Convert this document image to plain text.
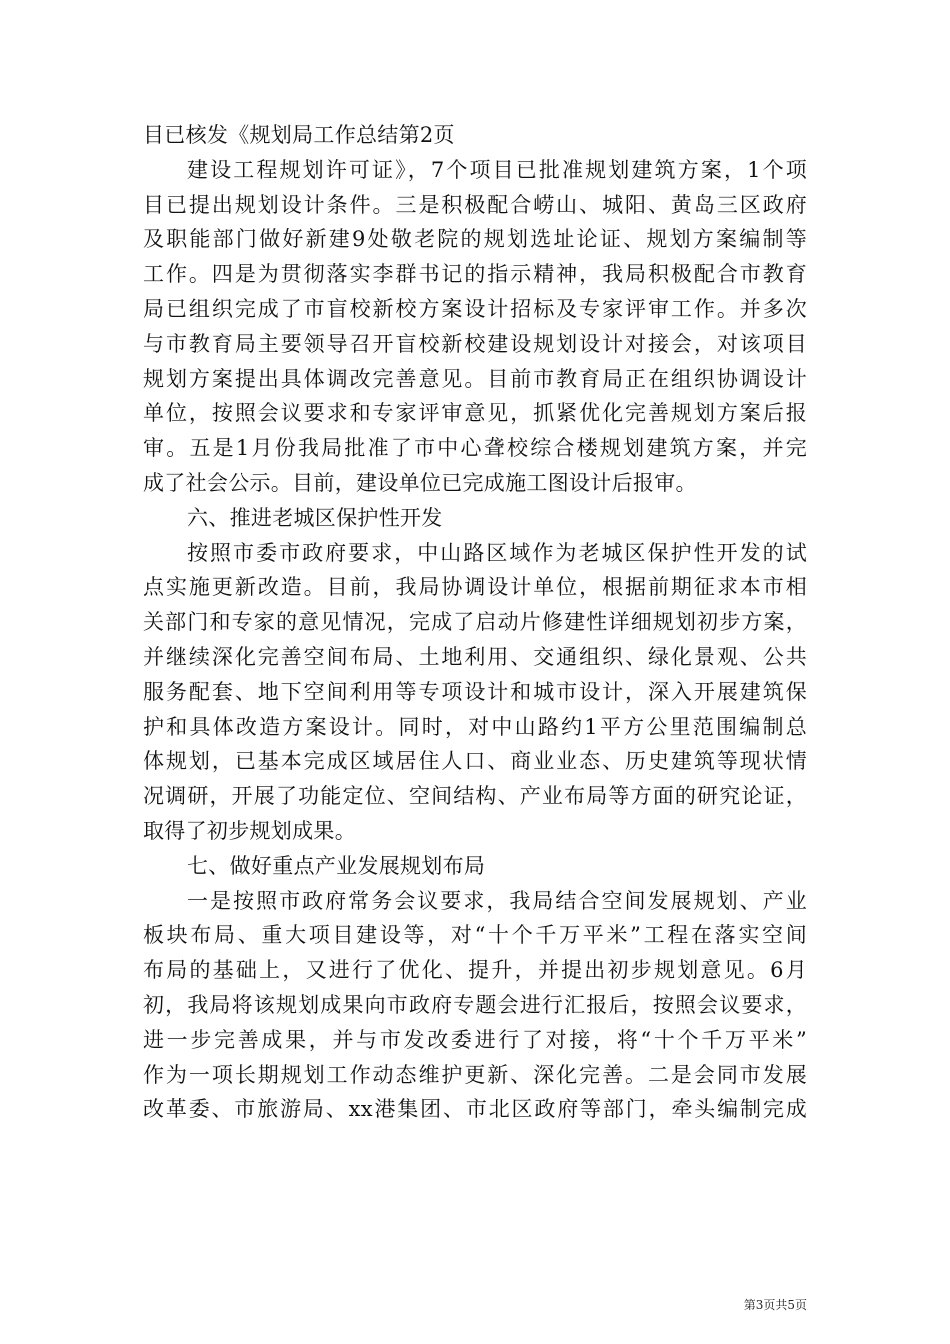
目已核发《规划局工作总结第2页
建设工程规划许可证》，7个项目已批准规划建筑方案，1个项
目已提出规划设计条件。三是积极配合崂山、城阳、黄岛三区政府
及职能部门做好新建9处敬老院的规划选址论证、规划方案编制等
工作。四是为贯彻落实李群书记的指示精神，我局积极配合市教育
局已组织完成了市盲校新校方案设计招标及专家评审工作。并多次
与市教育局主要领导召开盲校新校建设规划设计对接会，对该项目
规划方案提出具体调改完善意见。目前市教育局正在组织协调设计
单位，按照会议要求和专家评审意见，抓紧优化完善规划方案后报
审。五是1月份我局批准了市中心聋校综合楼规划建筑方案，并完
成了社会公示。目前，建设单位已完成施工图设计后报审。
六、推进老城区保护性开发
按照市委市政府要求，中山路区域作为老城区保护性开发的试
点实施更新改造。目前，我局协调设计单位，根据前期征求本市相
关部门和专家的意见情况，完成了启动片修建性详细规划初步方案，
并继续深化完善空间布局、土地利用、交通组织、绿化景观、公共
服务配套、地下空间利用等专项设计和城市设计，深入开展建筑保
护和具体改造方案设计。同时，对中山路约1平方公里范围编制总
体规划，已基本完成区域居住人口、商业业态、历史建筑等现状情
况调研，开展了功能定位、空间结构、产业布局等方面的研究论证，
取得了初步规划成果。
七、做好重点产业发展规划布局
一是按照市政府常务会议要求，我局结合空间发展规划、产业
板块布局、重大项目建设等，对“十个千万平米”工程在落实空间
布局的基础上，又进行了优化、提升，并提出初步规划意见。6月
初，我局将该规划成果向市政府专题会进行汇报后，按照会议要求，
进一步完善成果，并与市发改委进行了对接，将“十个千万平米”
作为一项长期规划工作动态维护更新、深化完善。二是会同市发展
改革委、市旅游局、xx港集团、市北区政府等部门，牵头编制完成
第3页共5页
